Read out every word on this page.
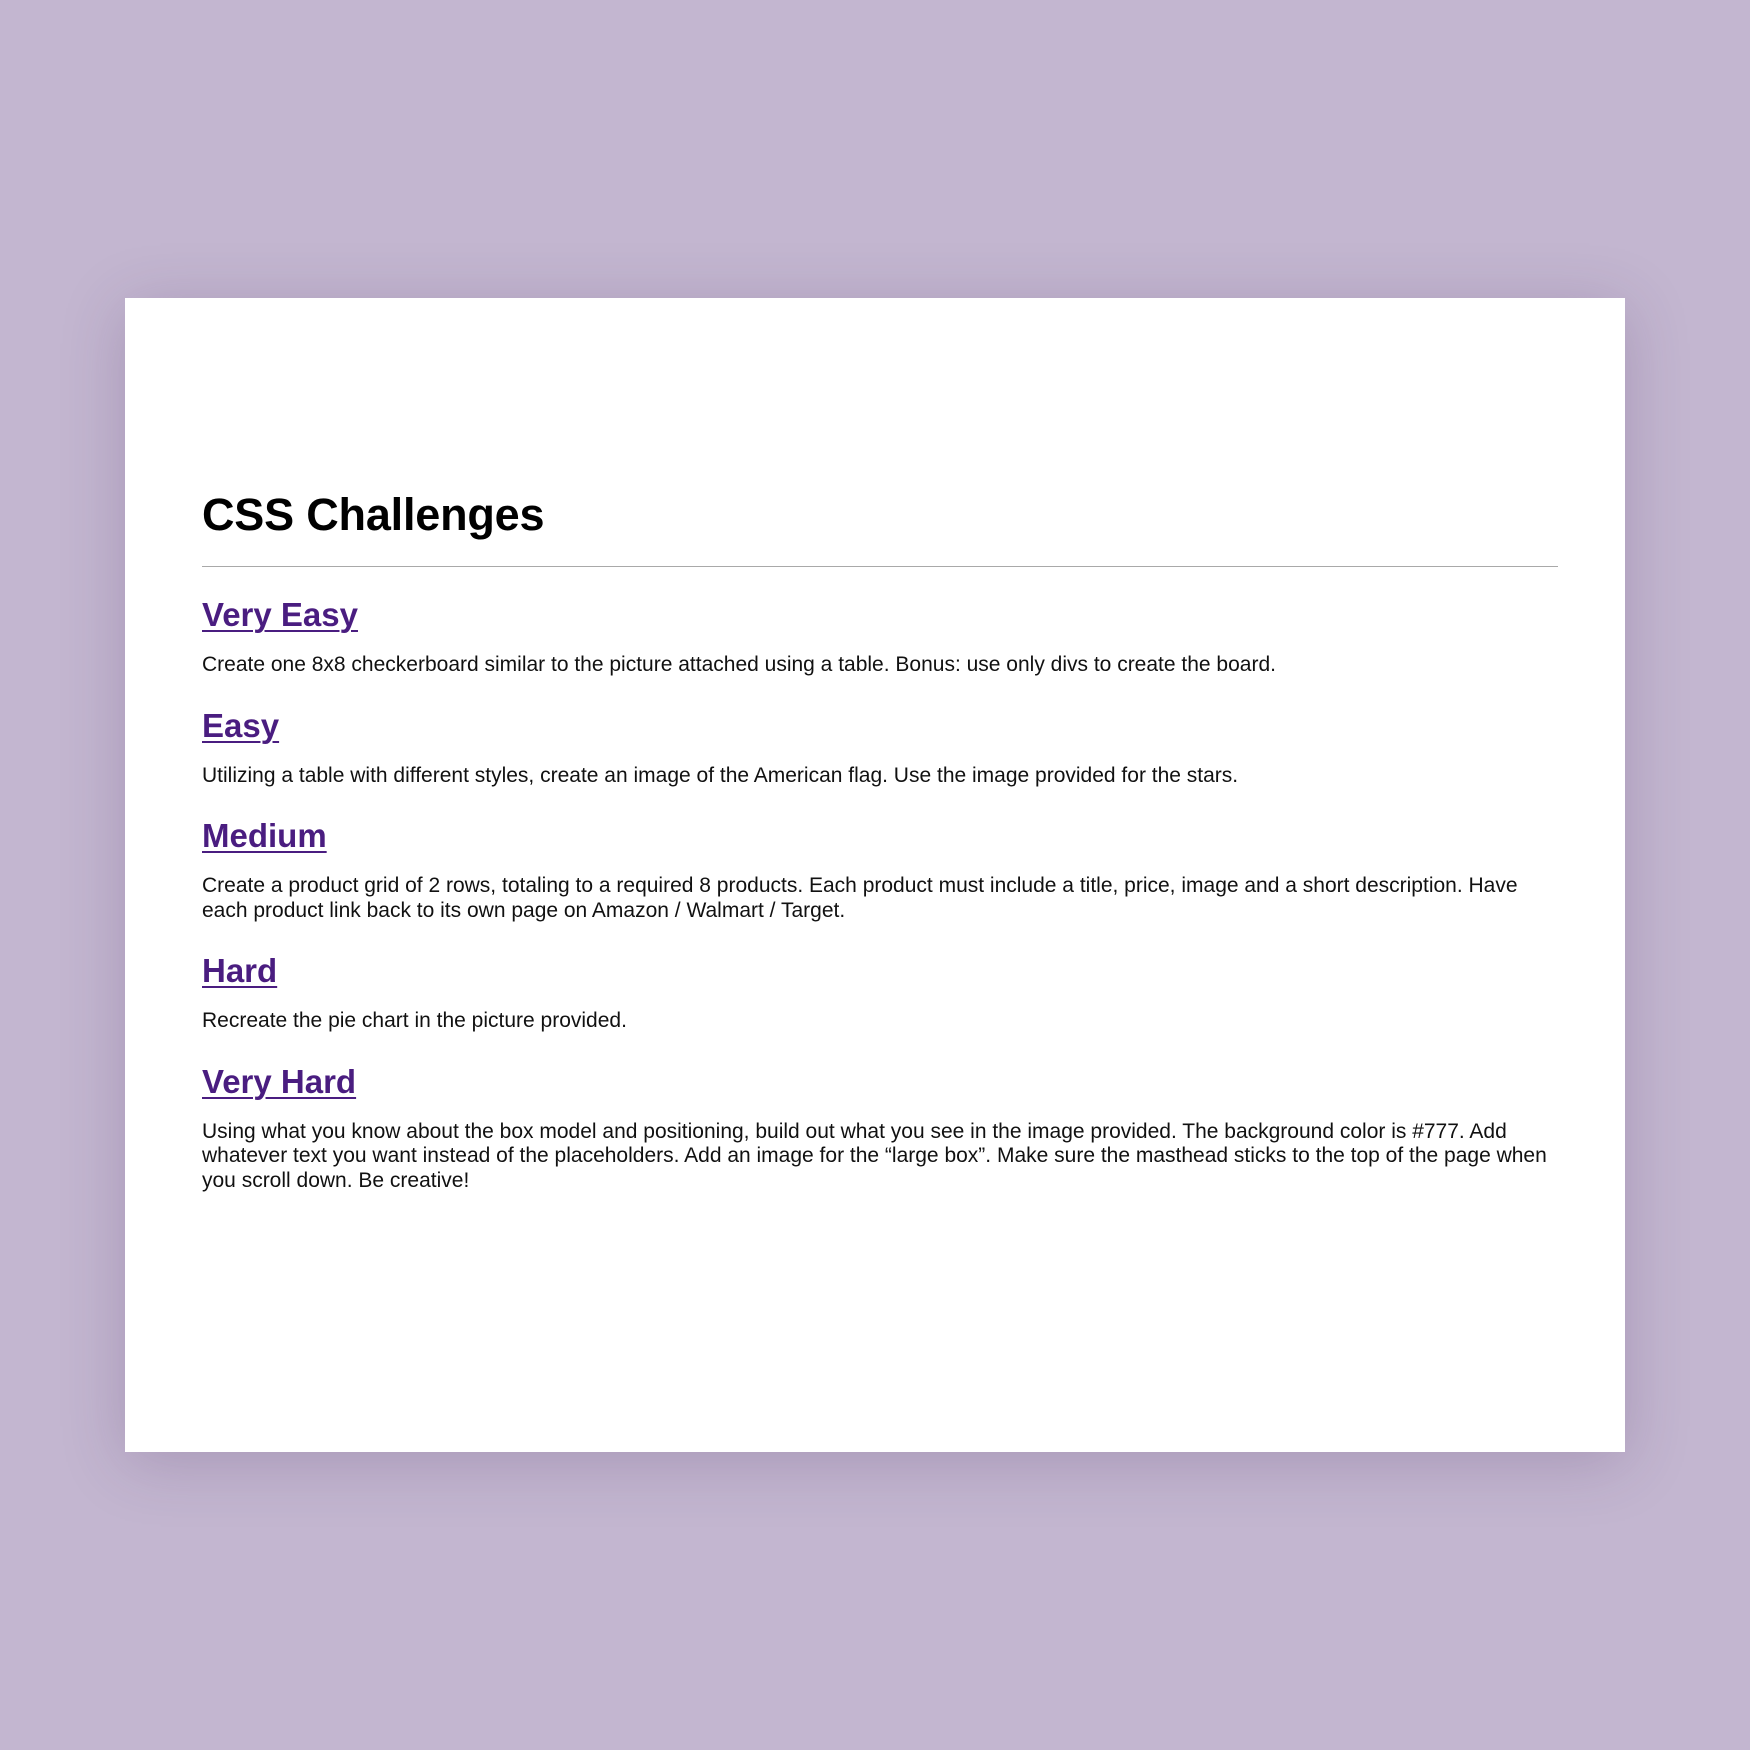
CSS Challenges
Very Easy

Create one 8x8 checkerboard similar to the picture attached using a table. Bonus: use only divs to create the board.

Easy

Utilizing a table with different styles, create an image of the American flag. Use the image provided for the stars.

Medium

Create a product grid of 2 rows, totaling to a required 8 products. Each product must include a title, price, image and a short description. Have each product link back to its own page on Amazon / Walmart / Target.

Hard

Recreate the pie chart in the picture provided.

Very Hard

Using what you know about the box model and positioning, build out what you see in the image provided. The background color is #777. Add whatever text you want instead of the placeholders. Add an image for the “large box”. Make sure the masthead sticks to the top of the page when you scroll down. Be creative!
